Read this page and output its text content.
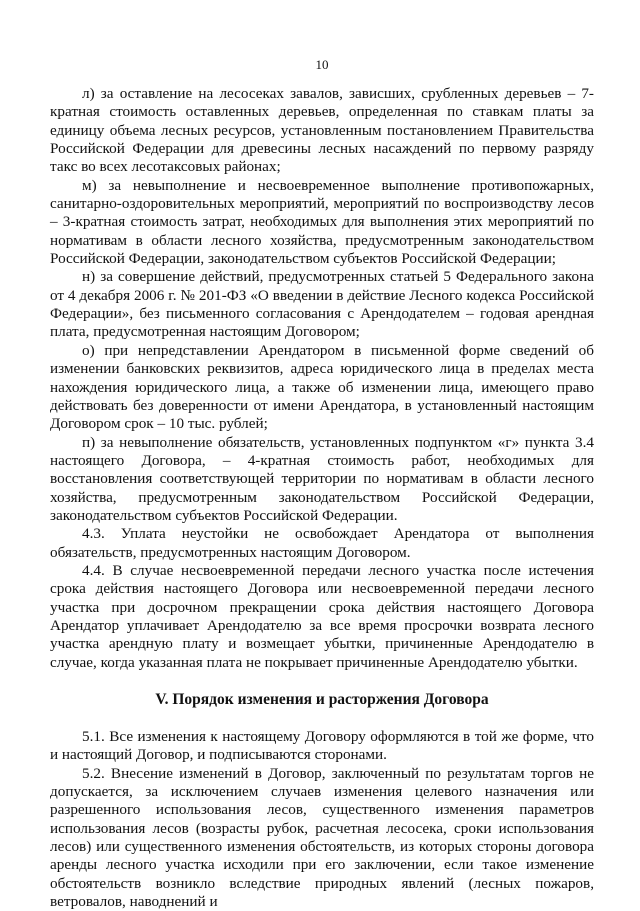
10

л) за оставление на лесосеках завалов, зависших, срубленных деревьев – 7-кратная стоимость оставленных деревьев, определенная по ставкам платы за единицу объема лесных ресурсов, установленным постановлением Правительства Российской Федерации для древесины лесных насаждений по первому разряду такс во всех лесотаксовых районах;

м) за невыполнение и несвоевременное выполнение противопожарных, санитарно-оздоровительных мероприятий, мероприятий по воспроизводству лесов – 3-кратная стоимость затрат, необходимых для выполнения этих мероприятий по нормативам в области лесного хозяйства, предусмотренным законодательством Российской Федерации, законодательством субъектов Российской Федерации;

н) за совершение действий, предусмотренных статьей 5 Федерального закона от 4 декабря 2006 г. № 201-ФЗ «О введении в действие Лесного кодекса Российской Федерации», без письменного согласования с Арендодателем – годовая арендная плата, предусмотренная настоящим Договором;

о) при непредставлении Арендатором в письменной форме сведений об изменении банковских реквизитов, адреса юридического лица в пределах места нахождения юридического лица, а также об изменении лица, имеющего право действовать без доверенности от имени Арендатора, в установленный настоящим Договором срок – 10 тыс. рублей;

п) за невыполнение обязательств, установленных подпунктом «г» пункта 3.4 настоящего Договора, – 4-кратная стоимость работ, необходимых для восстановления соответствующей территории по нормативам в области лесного хозяйства, предусмотренным законодательством Российской Федерации, законодательством субъектов Российской Федерации.

4.3. Уплата неустойки не освобождает Арендатора от выполнения обязательств, предусмотренных настоящим Договором.

4.4. В случае несвоевременной передачи лесного участка после истечения срока действия настоящего Договора или несвоевременной передачи лесного участка при досрочном прекращении срока действия настоящего Договора Арендатор уплачивает Арендодателю за все время просрочки возврата лесного участка арендную плату и возмещает убытки, причиненные Арендодателю в случае, когда указанная плата не покрывает причиненные Арендодателю убытки.

V. Порядок изменения и расторжения Договора

5.1. Все изменения к настоящему Договору оформляются в той же форме, что и настоящий Договор, и подписываются сторонами.

5.2. Внесение изменений в Договор, заключенный по результатам торгов не допускается, за исключением случаев изменения целевого назначения или разрешенного использования лесов, существенного изменения параметров использования лесов (возрасты рубок, расчетная лесосека, сроки использования лесов) или существенного изменения обстоятельств, из которых стороны договора аренды лесного участка исходили при его заключении, если такое изменение обстоятельств возникло вследствие природных явлений (лесных пожаров, ветровалов, наводнений и
